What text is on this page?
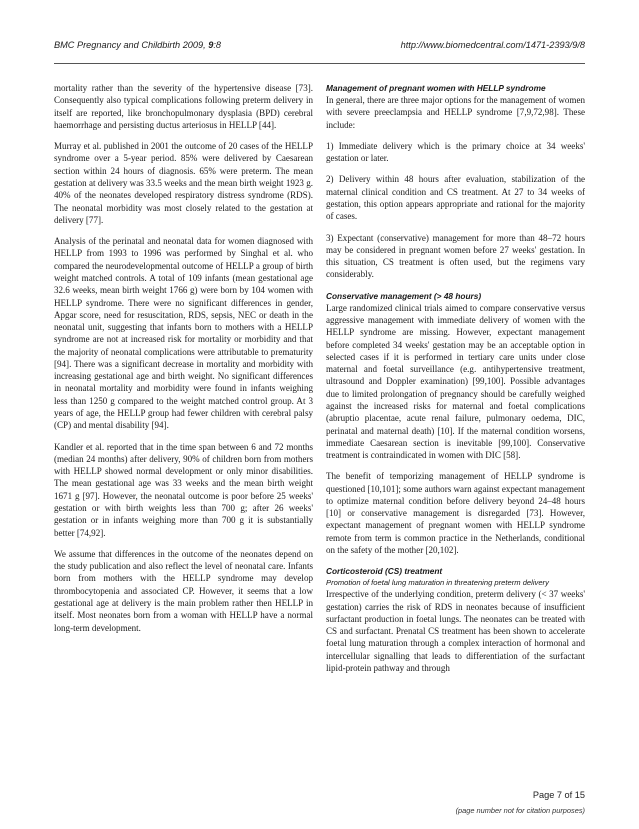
BMC Pregnancy and Childbirth 2009, 9:8	http://www.biomedcentral.com/1471-2393/9/8

mortality rather than the severity of the hypertensive disease [73]. Consequently also typical complications following preterm delivery in itself are reported, like bronchopulmonary dysplasia (BPD) cerebral haemorrhage and persisting ductus arteriosus in HELLP [44].

Murray et al. published in 2001 the outcome of 20 cases of the HELLP syndrome over a 5-year period. 85% were delivered by Caesarean section within 24 hours of diagnosis. 65% were preterm. The mean gestation at delivery was 33.5 weeks and the mean birth weight 1923 g. 40% of the neonates developed respiratory distress syndrome (RDS). The neonatal morbidity was most closely related to the gestation at delivery [77].

Analysis of the perinatal and neonatal data for women diagnosed with HELLP from 1993 to 1996 was performed by Singhal et al. who compared the neurodevelopmental outcome of HELLP a group of birth weight matched controls. A total of 109 infants (mean gestational age 32.6 weeks, mean birth weight 1766 g) were born by 104 women with HELLP syndrome. There were no significant differences in gender, Apgar score, need for resuscitation, RDS, sepsis, NEC or death in the neonatal unit, suggesting that infants born to mothers with a HELLP syndrome are not at increased risk for mortality or morbidity and that the majority of neonatal complications were attributable to prematurity [94]. There was a significant decrease in mortality and morbidity with increasing gestational age and birth weight. No significant differences in neonatal mortality and morbidity were found in infants weighing less than 1250 g compared to the weight matched control group. At 3 years of age, the HELLP group had fewer children with cerebral palsy (CP) and mental disability [94].

Kandler et al. reported that in the time span between 6 and 72 months (median 24 months) after delivery, 90% of children born from mothers with HELLP showed normal development or only minor disabilities. The mean gestational age was 33 weeks and the mean birth weight 1671 g [97]. However, the neonatal outcome is poor before 25 weeks' gestation or with birth weights less than 700 g; after 26 weeks' gestation or in infants weighing more than 700 g it is substantially better [74,92].

We assume that differences in the outcome of the neonates depend on the study publication and also reflect the level of neonatal care. Infants born from mothers with the HELLP syndrome may develop thrombocytopenia and associated CP. However, it seems that a low gestational age at delivery is the main problem rather then HELLP in itself. Most neonates born from a woman with HELLP have a normal long-term development.

Management of pregnant women with HELLP syndrome

In general, there are three major options for the management of women with severe preeclampsia and HELLP syndrome [7,9,72,98]. These include:

1) Immediate delivery which is the primary choice at 34 weeks' gestation or later.

2) Delivery within 48 hours after evaluation, stabilization of the maternal clinical condition and CS treatment. At 27 to 34 weeks of gestation, this option appears appropriate and rational for the majority of cases.

3) Expectant (conservative) management for more than 48–72 hours may be considered in pregnant women before 27 weeks' gestation. In this situation, CS treatment is often used, but the regimens vary considerably.

Conservative management (> 48 hours)

Large randomized clinical trials aimed to compare conservative versus aggressive management with immediate delivery of women with the HELLP syndrome are missing. However, expectant management before completed 34 weeks' gestation may be an acceptable option in selected cases if it is performed in tertiary care units under close maternal and foetal surveillance (e.g. antihypertensive treatment, ultrasound and Doppler examination) [99,100]. Possible advantages due to limited prolongation of pregnancy should be carefully weighed against the increased risks for maternal and foetal complications (abruptio placentae, acute renal failure, pulmonary oedema, DIC, perinatal and maternal death) [10]. If the maternal condition worsens, immediate Caesarean section is inevitable [99,100]. Conservative treatment is contraindicated in women with DIC [58].

The benefit of temporizing management of HELLP syndrome is questioned [10,101]; some authors warn against expectant management to optimize maternal condition before delivery beyond 24–48 hours [10] or conservative management is disregarded [73]. However, expectant management of pregnant women with HELLP syndrome remote from term is common practice in the Netherlands, conditional on the safety of the mother [20,102].

Corticosteroid (CS) treatment
Promotion of foetal lung maturation in threatening preterm delivery

Irrespective of the underlying condition, preterm delivery (< 37 weeks' gestation) carries the risk of RDS in neonates because of insufficient surfactant production in foetal lungs. The neonates can be treated with CS and surfactant. Prenatal CS treatment has been shown to accelerate foetal lung maturation through a complex interaction of hormonal and intercellular signalling that leads to differentiation of the surfactant lipid-protein pathway and through

Page 7 of 15
(page number not for citation purposes)
